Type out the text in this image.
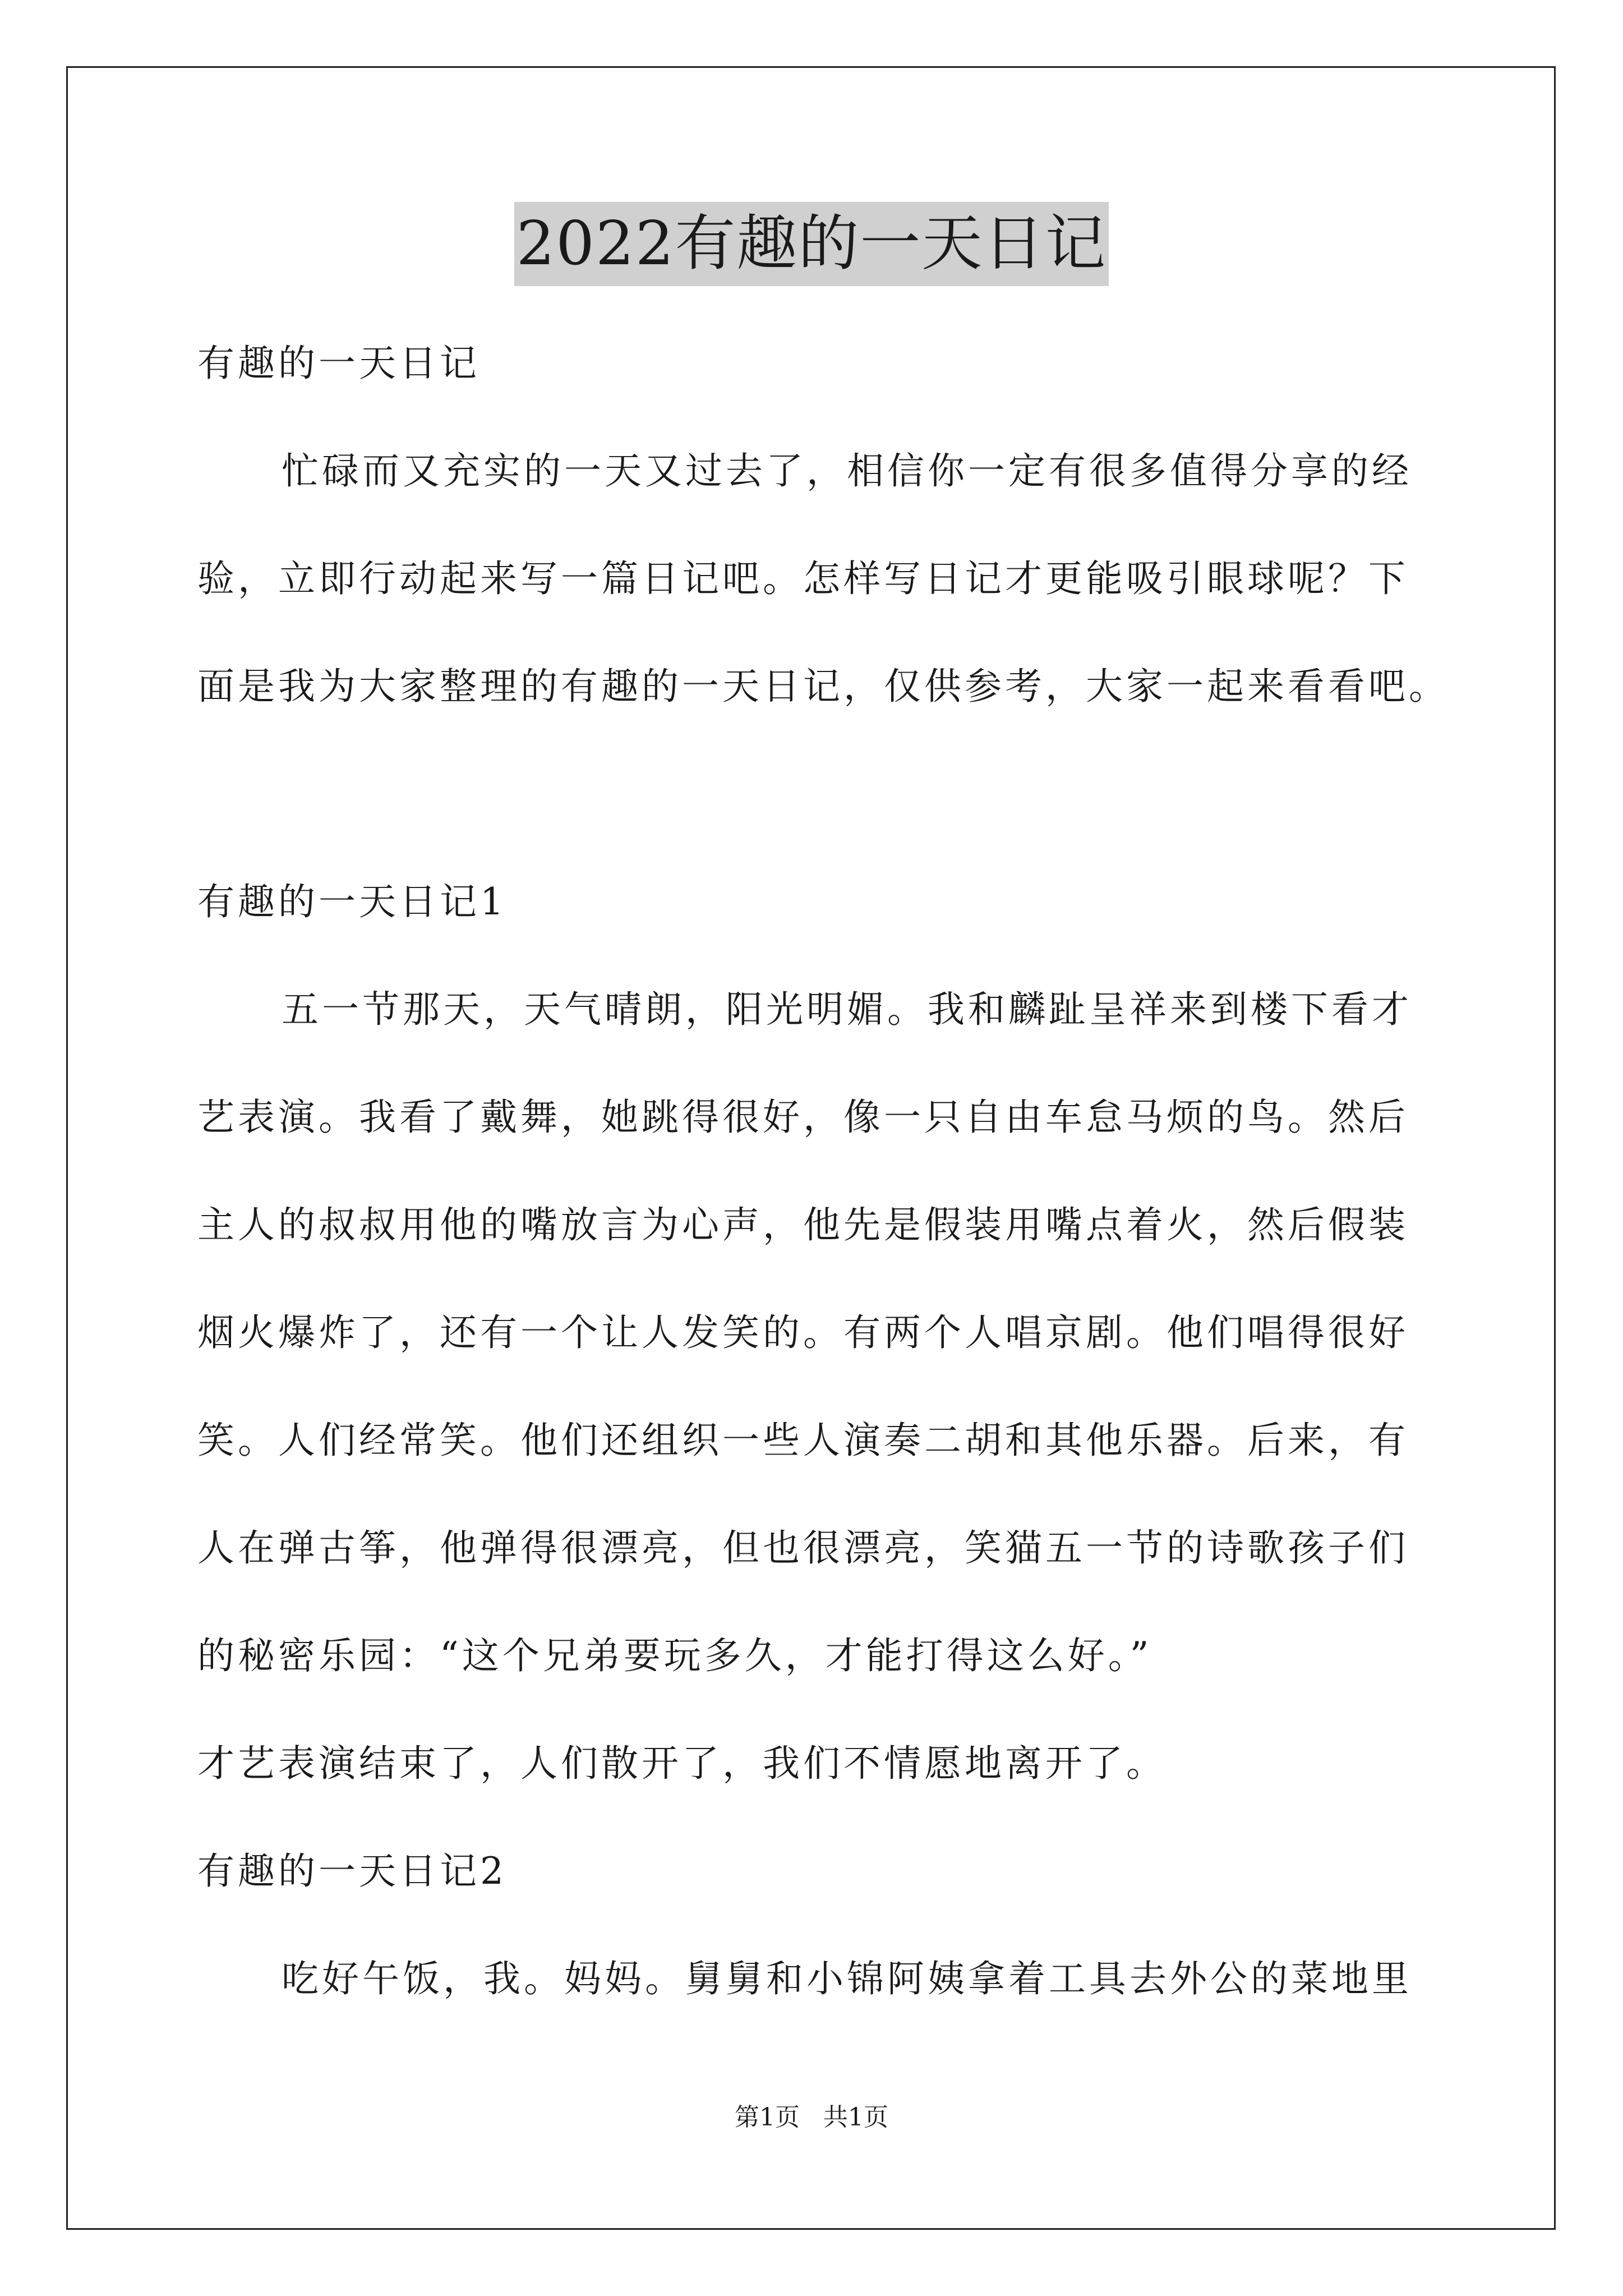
2022有趣的一天日记
有趣的一天日记
忙碌而又充实的一天又过去了，相信你一定有很多值得分享的经
验，立即行动起来写一篇日记吧。怎样写日记才更能吸引眼球呢？下
面是我为大家整理的有趣的一天日记，仅供参考，大家一起来看看吧。
有趣的一天日记1
五一节那天，天气晴朗，阳光明媚。我和麟趾呈祥来到楼下看才
艺表演。我看了戴舞，她跳得很好，像一只自由车怠马烦的鸟。然后
主人的叔叔用他的嘴放言为心声，他先是假装用嘴点着火，然后假装
烟火爆炸了，还有一个让人发笑的。有两个人唱京剧。他们唱得很好
笑。人们经常笑。他们还组织一些人演奏二胡和其他乐器。后来，有
人在弹古筝，他弹得很漂亮，但也很漂亮，笑猫五一节的诗歌孩子们
的秘密乐园：“这个兄弟要玩多久，才能打得这么好。”
才艺表演结束了，人们散开了，我们不情愿地离开了。
有趣的一天日记2
吃好午饭，我。妈妈。舅舅和小锦阿姨拿着工具去外公的菜地里
第1页   共1页
